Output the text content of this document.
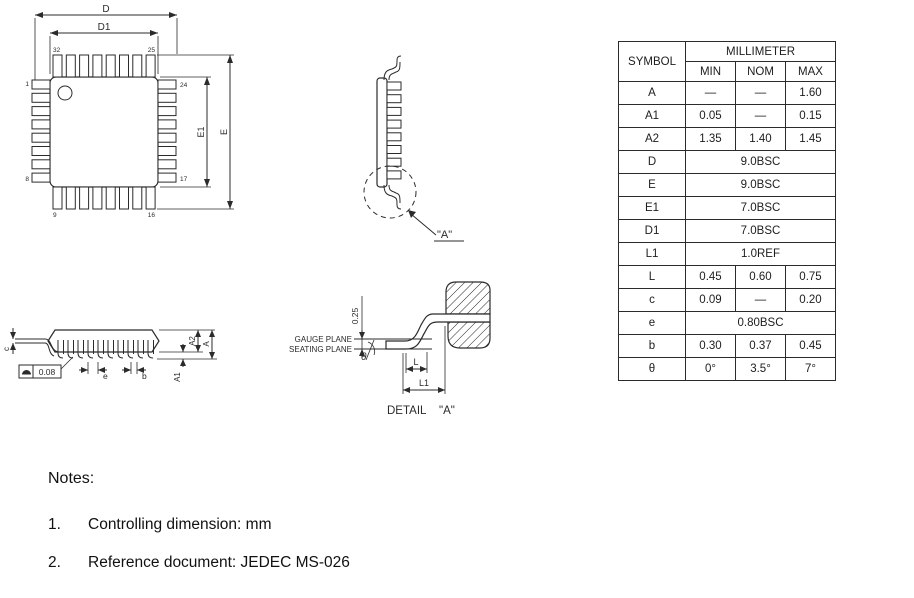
D
D1
32	25
1
8
9	16
24
17
E1 E
"A"
c
0.08	e	b
A2 A
A1
GAUGE PLANE
SEATING PLANE
0.25
θ	L
L1
DETAIL "A"
SYMBOL	MILLIMETER		
	MIN	NOM	MAX
A	—	—	1.60
A1	0.05	—	0.15
A2	1.35	1.40	1.45
D	9.0BSC		
E	9.0BSC		
E1	7.0BSC		
D1	7.0BSC		
L1	1.0REF		
L	0.45	0.60	0.75
c	0.09	—	0.20
e	0.80BSC		
b	0.30	0.37	0.45
θ	0°	3.5°	7°
Notes:
1.	Controlling dimension: mm
2.	Reference document: JEDEC MS-026
